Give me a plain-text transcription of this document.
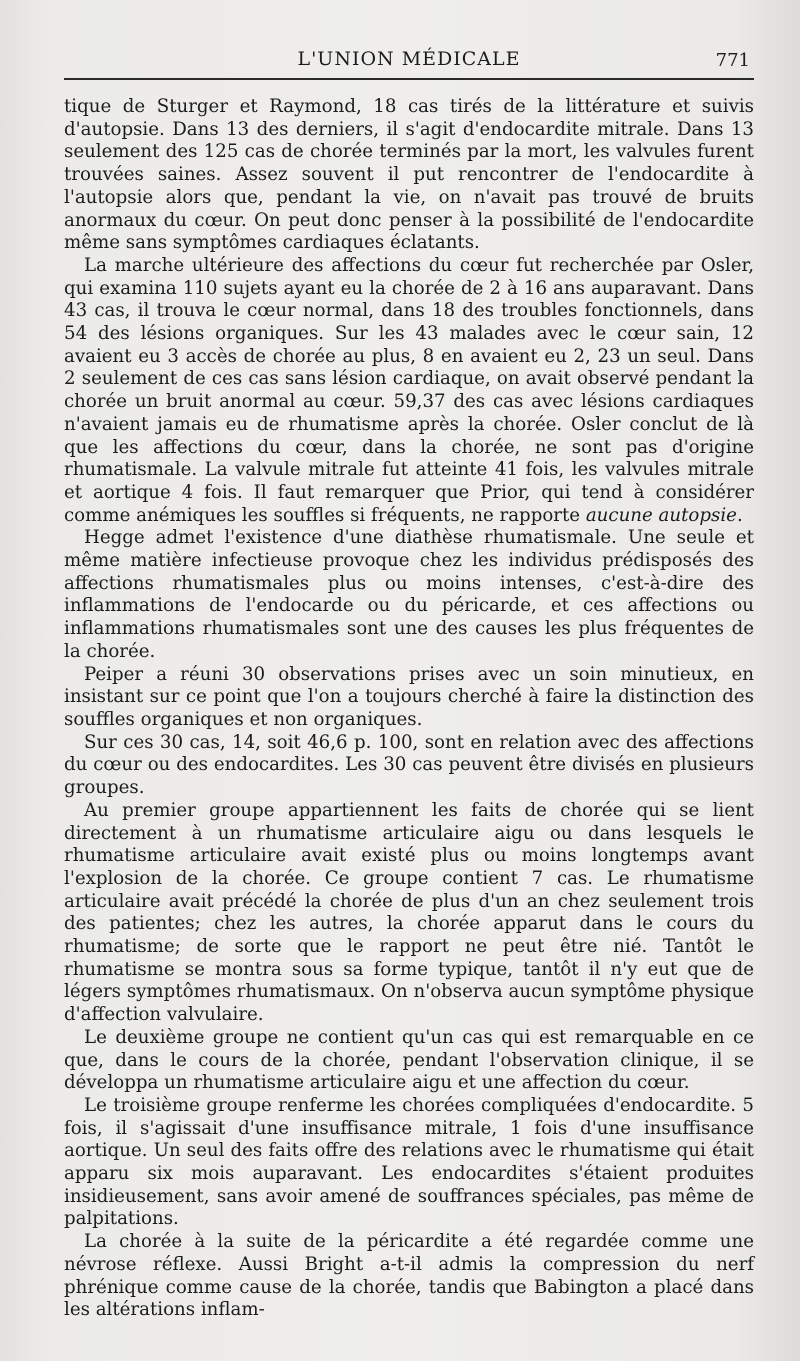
L'UNION MÉDICALE	771

tique de Sturger et Raymond, 18 cas tirés de la littérature et suivis d'autopsie. Dans 13 des derniers, il s'agit d'endocardite mitrale. Dans 13 seulement des 125 cas de chorée terminés par la mort, les valvules furent trouvées saines. Assez souvent il put rencontrer de l'endocardite à l'autopsie alors que, pendant la vie, on n'avait pas trouvé de bruits anormaux du cœur. On peut donc penser à la possibilité de l'endocardite même sans symptômes cardiaques éclatants.

La marche ultérieure des affections du cœur fut recherchée par Osler, qui examina 110 sujets ayant eu la chorée de 2 à 16 ans auparavant. Dans 43 cas, il trouva le cœur normal, dans 18 des troubles fonctionnels, dans 54 des lésions organiques. Sur les 43 malades avec le cœur sain, 12 avaient eu 3 accès de chorée au plus, 8 en avaient eu 2, 23 un seul. Dans 2 seulement de ces cas sans lésion cardiaque, on avait observé pendant la chorée un bruit anormal au cœur. 59,37 des cas avec lésions cardiaques n'avaient jamais eu de rhumatisme après la chorée. Osler conclut de là que les affections du cœur, dans la chorée, ne sont pas d'origine rhumatismale. La valvule mitrale fut atteinte 41 fois, les valvules mitrale et aortique 4 fois. Il faut remarquer que Prior, qui tend à considérer comme anémiques les souffles si fréquents, ne rapporte aucune autopsie.

Hegge admet l'existence d'une diathèse rhumatismale. Une seule et même matière infectieuse provoque chez les individus prédisposés des affections rhumatismales plus ou moins intenses, c'est-à-dire des inflammations de l'endocarde ou du péricarde, et ces affections ou inflammations rhumatismales sont une des causes les plus fréquentes de la chorée.

Peiper a réuni 30 observations prises avec un soin minutieux, en insistant sur ce point que l'on a toujours cherché à faire la distinction des souffles organiques et non organiques.

Sur ces 30 cas, 14, soit 46,6 p. 100, sont en relation avec des affections du cœur ou des endocardites. Les 30 cas peuvent être divisés en plusieurs groupes.

Au premier groupe appartiennent les faits de chorée qui se lient directement à un rhumatisme articulaire aigu ou dans lesquels le rhumatisme articulaire avait existé plus ou moins longtemps avant l'explosion de la chorée. Ce groupe contient 7 cas. Le rhumatisme articulaire avait précédé la chorée de plus d'un an chez seulement trois des patientes; chez les autres, la chorée apparut dans le cours du rhumatisme; de sorte que le rapport ne peut être nié. Tantôt le rhumatisme se montra sous sa forme typique, tantôt il n'y eut que de légers symptômes rhumatismaux. On n'observa aucun symptôme physique d'affection valvulaire.

Le deuxième groupe ne contient qu'un cas qui est remarquable en ce que, dans le cours de la chorée, pendant l'observation clinique, il se développa un rhumatisme articulaire aigu et une affection du cœur.

Le troisième groupe renferme les chorées compliquées d'endocardite. 5 fois, il s'agissait d'une insuffisance mitrale, 1 fois d'une insuffisance aortique. Un seul des faits offre des relations avec le rhumatisme qui était apparu six mois auparavant. Les endocardites s'étaient produites insidieusement, sans avoir amené de souffrances spéciales, pas même de palpitations.

La chorée à la suite de la péricardite a été regardée comme une névrose réflexe. Aussi Bright a-t-il admis la compression du nerf phrénique comme cause de la chorée, tandis que Babington a placé dans les altérations inflam-
